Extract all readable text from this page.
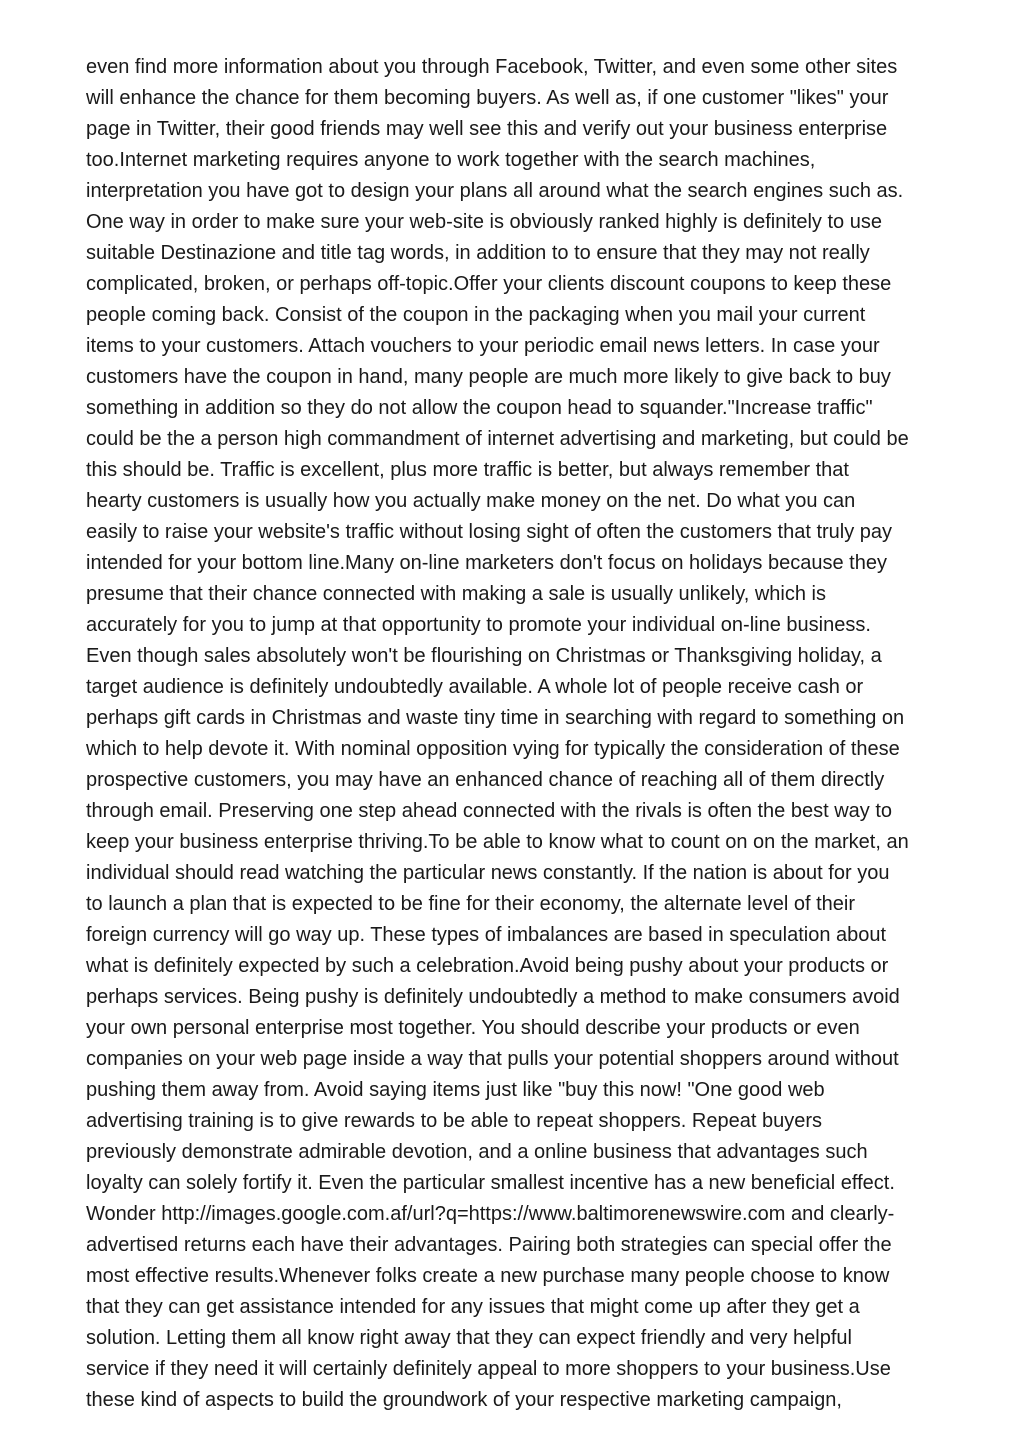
even find more information about you through Facebook, Twitter, and even some other sites
will enhance the chance for them becoming buyers. As well as, if one customer "likes" your
page in Twitter, their good friends may well see this and verify out your business enterprise
too.Internet marketing requires anyone to work together with the search machines,
interpretation you have got to design your plans all around what the search engines such as.
One way in order to make sure your web-site is obviously ranked highly is definitely to use
suitable Destinazione and title tag words, in addition to to ensure that they may not really
complicated, broken, or perhaps off-topic.Offer your clients discount coupons to keep these
people coming back. Consist of the coupon in the packaging when you mail your current
items to your customers. Attach vouchers to your periodic email news letters. In case your
customers have the coupon in hand, many people are much more likely to give back to buy
something in addition so they do not allow the coupon head to squander."Increase traffic"
could be the a person high commandment of internet advertising and marketing, but could be
this should be. Traffic is excellent, plus more traffic is better, but always remember that
hearty customers is usually how you actually make money on the net. Do what you can
easily to raise your website's traffic without losing sight of often the customers that truly pay
intended for your bottom line.Many on-line marketers don't focus on holidays because they
presume that their chance connected with making a sale is usually unlikely, which is
accurately for you to jump at that opportunity to promote your individual on-line business.
Even though sales absolutely won't be flourishing on Christmas or Thanksgiving holiday, a
target audience is definitely undoubtedly available. A whole lot of people receive cash or
perhaps gift cards in Christmas and waste tiny time in searching with regard to something on
which to help devote it. With nominal opposition vying for typically the consideration of these
prospective customers, you may have an enhanced chance of reaching all of them directly
through email. Preserving one step ahead connected with the rivals is often the best way to
keep your business enterprise thriving.To be able to know what to count on on the market, an
individual should read watching the particular news constantly. If the nation is about for you
to launch a plan that is expected to be fine for their economy, the alternate level of their
foreign currency will go way up. These types of imbalances are based in speculation about
what is definitely expected by such a celebration.Avoid being pushy about your products or
perhaps services. Being pushy is definitely undoubtedly a method to make consumers avoid
your own personal enterprise most together. You should describe your products or even
companies on your web page inside a way that pulls your potential shoppers around without
pushing them away from. Avoid saying items just like "buy this now! "One good web
advertising training is to give rewards to be able to repeat shoppers. Repeat buyers
previously demonstrate admirable devotion, and a online business that advantages such
loyalty can solely fortify it. Even the particular smallest incentive has a new beneficial effect.
Wonder http://images.google.com.af/url?q=https://www.baltimorenewswire.com and clearly-
advertised returns each have their advantages. Pairing both strategies can special offer the
most effective results.Whenever folks create a new purchase many people choose to know
that they can get assistance intended for any issues that might come up after they get a
solution. Letting them all know right away that they can expect friendly and very helpful
service if they need it will certainly definitely appeal to more shoppers to your business.Use
these kind of aspects to build the groundwork of your respective marketing campaign,
